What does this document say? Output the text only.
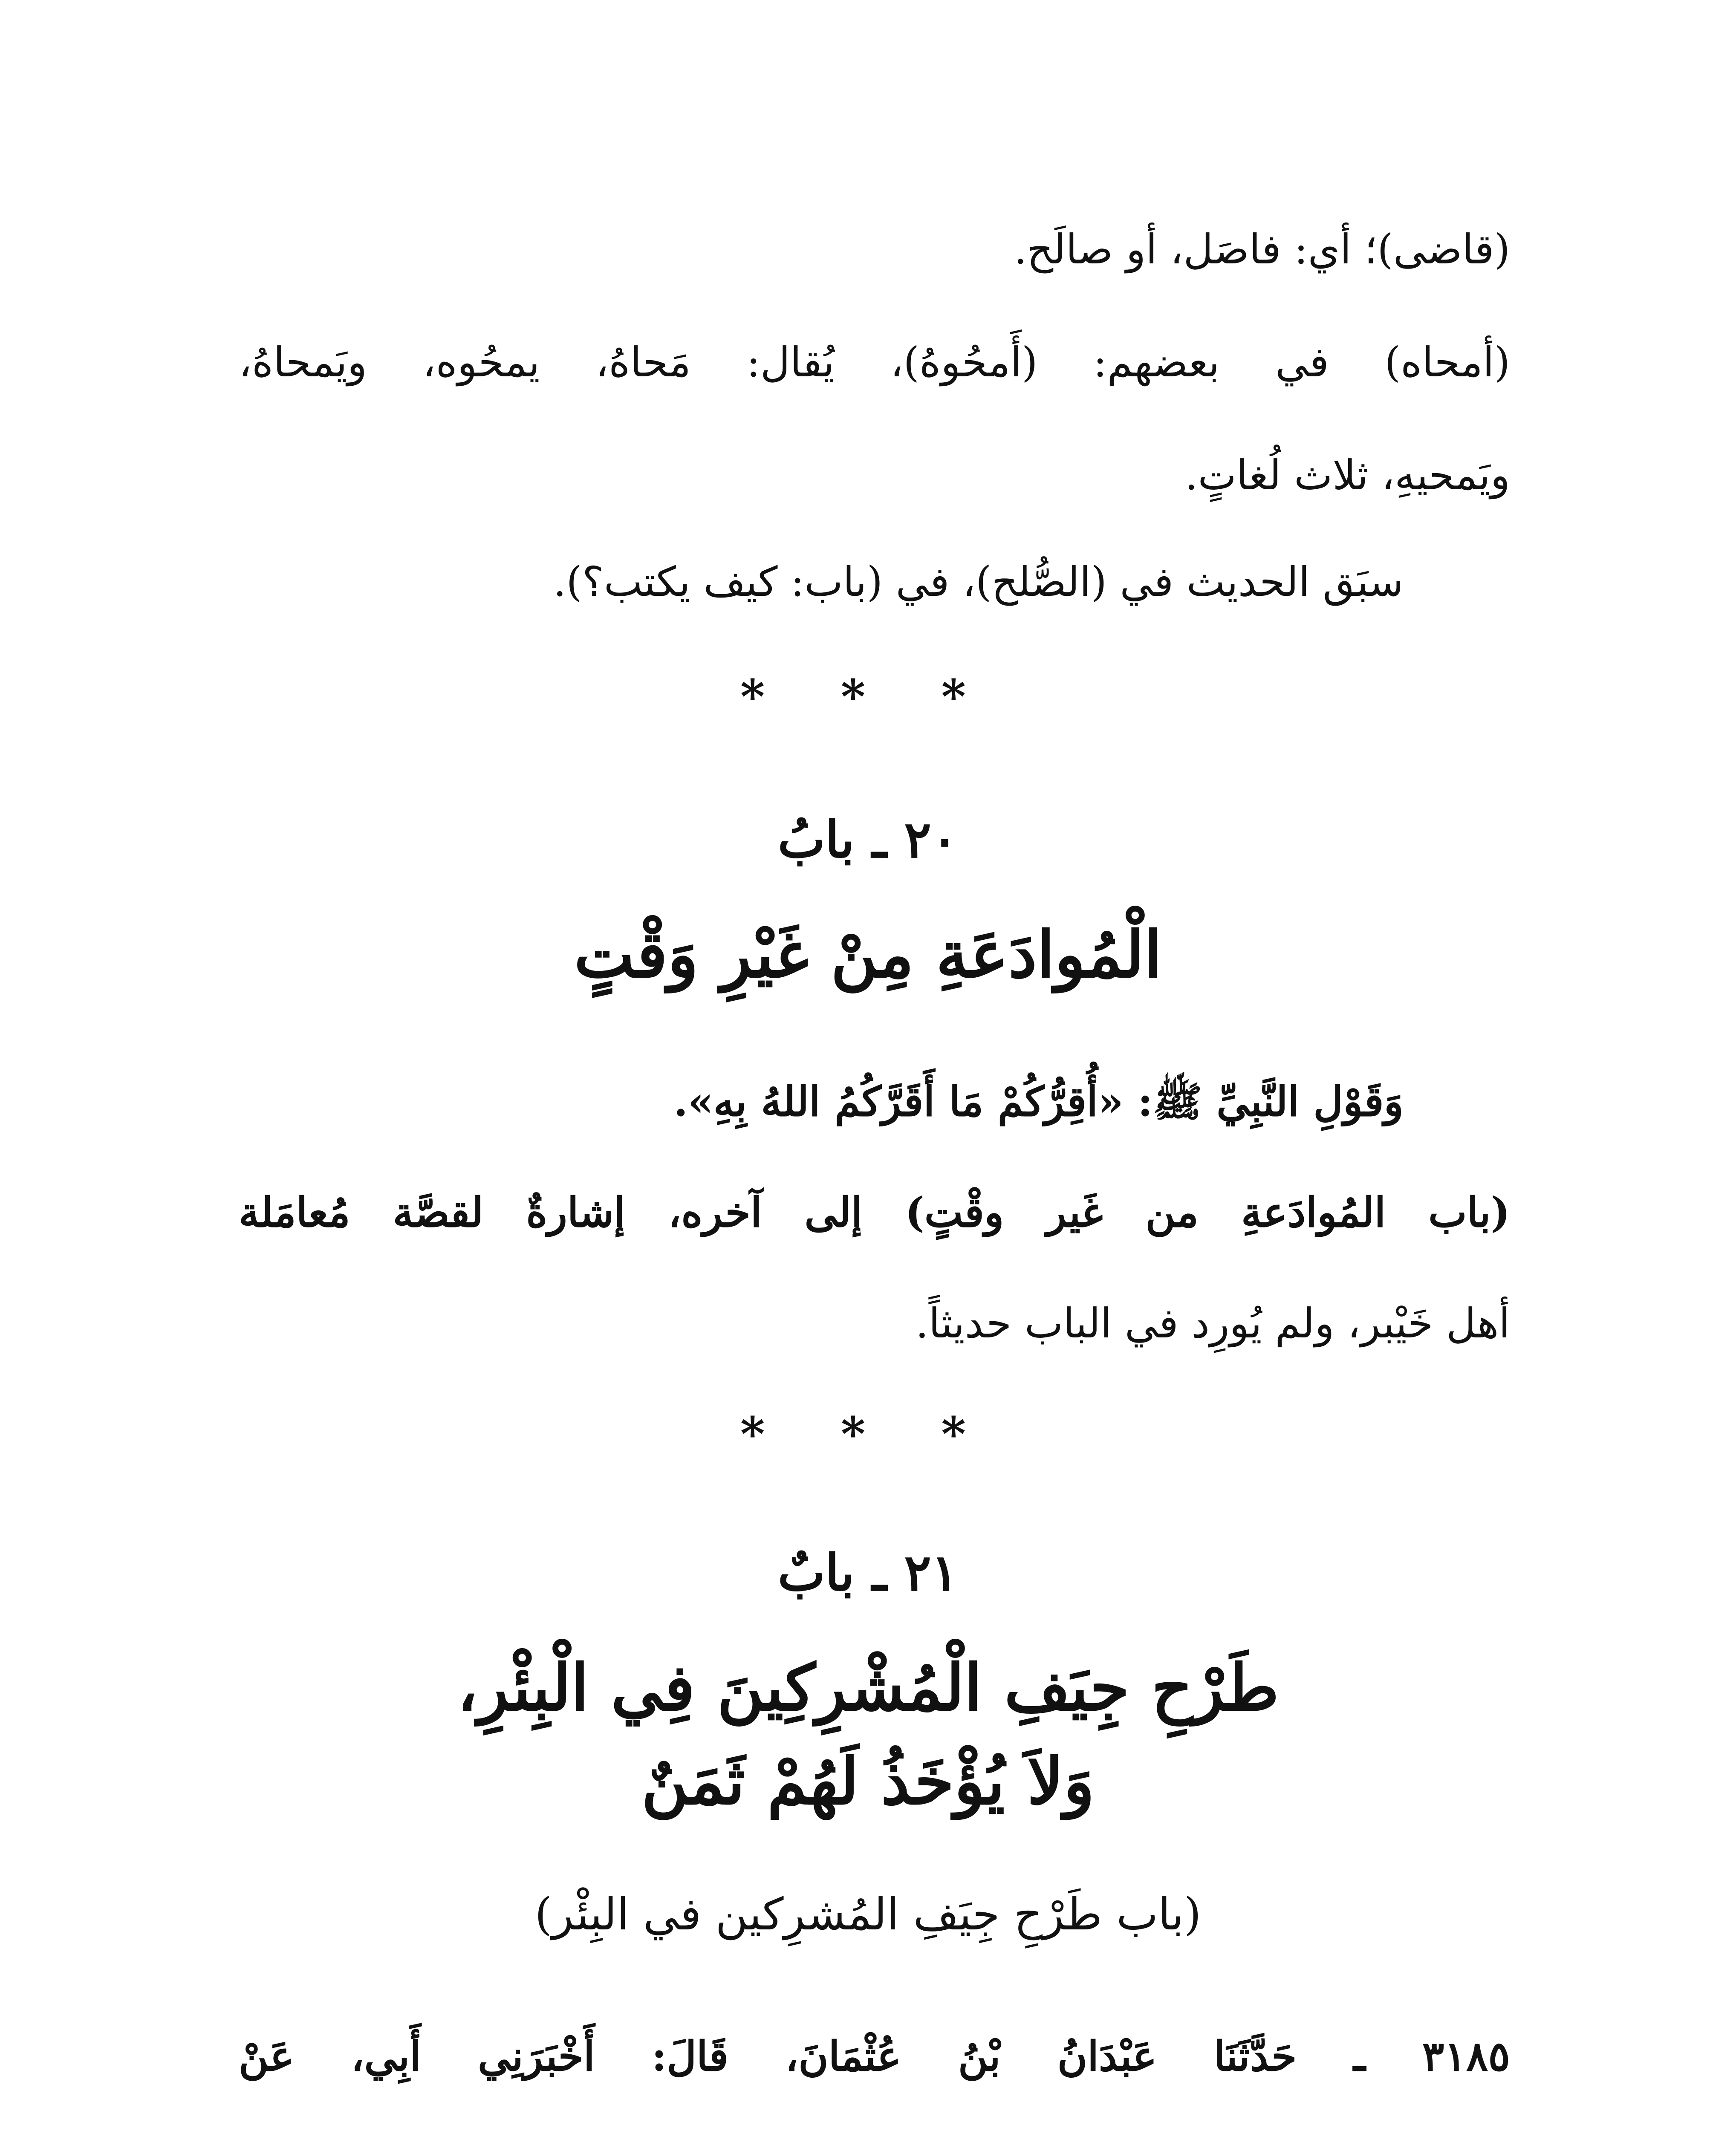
(قاضى)؛ أي: فاصَل، أو صالَح.
(أمحاه) في بعضهم: (أَمحُوهُ)، يُقال: مَحاهُ، يمحُوه، ويَمحاهُ،
ويَمحيهِ، ثلاث لُغاتٍ.
سبَق الحديث في (الصُّلح)، في (باب: كيف يكتب؟).
* * *
٢٠ ـ بابُ
الْمُوادَعَةِ مِنْ غَيْرِ وَقْتٍ
وَقَوْلِ النَّبِيِّ ﷺ: «أُقِرُّكُمْ مَا أَقَرَّكُمُ اللهُ بِهِ».
(باب المُوادَعةِ من غَير وقْتٍ) إلى آخره، إشارةٌ لقصَّة مُعامَلة
أهل خَيْبر، ولم يُورِد في الباب حديثاً.
* * *
٢١ ـ بابٌ
طَرْحِ جِيَفِ الْمُشْرِكِينَ فِي الْبِئْرِ،
وَلاَ يُؤْخَذُ لَهُمْ ثَمَنٌ
(باب طَرْحِ جِيَفِ المُشرِكين في البِئْر)
٣١٨٥ ـ حَدَّثَنَا عَبْدَانُ بْنُ عُثْمَانَ، قَالَ: أَخْبَرَنِي أَبِي، عَنْ
